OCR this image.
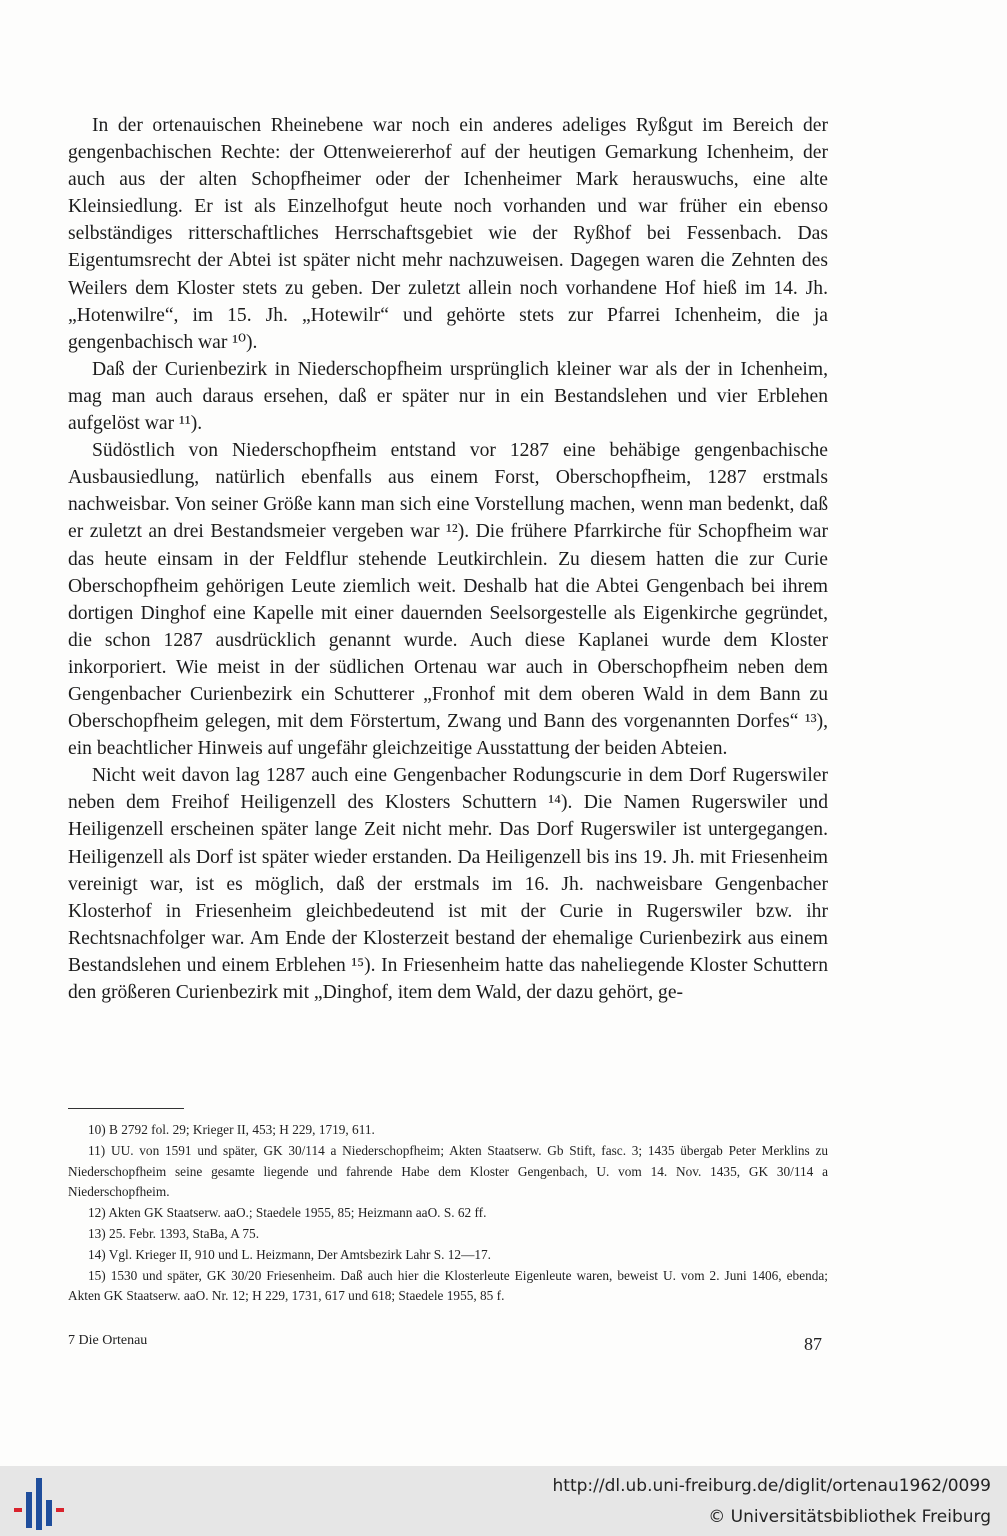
In der ortenauischen Rheinebene war noch ein anderes adeliges Ryßgut im Bereich der gengenbachischen Rechte: der Ottenweiererhof auf der heutigen Gemarkung Ichenheim, der auch aus der alten Schopfheimer oder der Ichenheimer Mark herauswuchs, eine alte Kleinsiedlung. Er ist als Einzelhofgut heute noch vorhanden und war früher ein ebenso selbständiges ritterschaftliches Herrschaftsgebiet wie der Ryßhof bei Fessenbach. Das Eigentumsrecht der Abtei ist später nicht mehr nachzuweisen. Dagegen waren die Zehnten des Weilers dem Kloster stets zu geben. Der zuletzt allein noch vorhandene Hof hieß im 14. Jh. „Hotenwilre“, im 15. Jh. „Hotewilr“ und gehörte stets zur Pfarrei Ichenheim, die ja gengenbachisch war ¹⁰).

Daß der Curienbezirk in Niederschopfheim ursprünglich kleiner war als der in Ichenheim, mag man auch daraus ersehen, daß er später nur in ein Bestandslehen und vier Erblehen aufgelöst war ¹¹).

Südöstlich von Niederschopfheim entstand vor 1287 eine behäbige gengenbachische Ausbausiedlung, natürlich ebenfalls aus einem Forst, Oberschopfheim, 1287 erstmals nachweisbar. Von seiner Größe kann man sich eine Vorstellung machen, wenn man bedenkt, daß er zuletzt an drei Bestandsmeier vergeben war ¹²). Die frühere Pfarrkirche für Schopfheim war das heute einsam in der Feldflur stehende Leutkirchlein. Zu diesem hatten die zur Curie Oberschopfheim gehörigen Leute ziemlich weit. Deshalb hat die Abtei Gengenbach bei ihrem dortigen Dinghof eine Kapelle mit einer dauernden Seelsorgestelle als Eigenkirche gegründet, die schon 1287 ausdrücklich genannt wurde. Auch diese Kaplanei wurde dem Kloster inkorporiert. Wie meist in der südlichen Ortenau war auch in Oberschopfheim neben dem Gengenbacher Curienbezirk ein Schutterer „Fronhof mit dem oberen Wald in dem Bann zu Oberschopfheim gelegen, mit dem Förstertum, Zwang und Bann des vorgenannten Dorfes“ ¹³), ein beachtlicher Hinweis auf ungefähr gleichzeitige Ausstattung der beiden Abteien.

Nicht weit davon lag 1287 auch eine Gengenbacher Rodungscurie in dem Dorf Rugerswiler neben dem Freihof Heiligenzell des Klosters Schuttern ¹⁴). Die Namen Rugerswiler und Heiligenzell erscheinen später lange Zeit nicht mehr. Das Dorf Rugerswiler ist untergegangen. Heiligenzell als Dorf ist später wieder erstanden. Da Heiligenzell bis ins 19. Jh. mit Friesenheim vereinigt war, ist es möglich, daß der erstmals im 16. Jh. nachweisbare Gengenbacher Klosterhof in Friesenheim gleichbedeutend ist mit der Curie in Rugerswiler bzw. ihr Rechtsnachfolger war. Am Ende der Klosterzeit bestand der ehemalige Curienbezirk aus einem Bestandslehen und einem Erblehen ¹⁵). In Friesenheim hatte das naheliegende Kloster Schuttern den größeren Curienbezirk mit „Dinghof, item dem Wald, der dazu gehört, ge-

10) B 2792 fol. 29; Krieger II, 453; H 229, 1719, 611.

11) UU. von 1591 und später, GK 30/114 a Niederschopfheim; Akten Staatserw. Gb Stift, fasc. 3; 1435 übergab Peter Merklins zu Niederschopfheim seine gesamte liegende und fahrende Habe dem Kloster Gengenbach, U. vom 14. Nov. 1435, GK 30/114 a Niederschopfheim.

12) Akten GK Staatserw. aaO.; Staedele 1955, 85; Heizmann aaO. S. 62 ff.

13) 25. Febr. 1393, StaBa, A 75.

14) Vgl. Krieger II, 910 und L. Heizmann, Der Amtsbezirk Lahr S. 12—17.

15) 1530 und später, GK 30/20 Friesenheim. Daß auch hier die Klosterleute Eigenleute waren, beweist U. vom 2. Juni 1406, ebenda; Akten GK Staatserw. aaO. Nr. 12; H 229, 1731, 617 und 618; Staedele 1955, 85 f.

7 Die Ortenau	87
http://dl.ub.uni-freiburg.de/diglit/ortenau1962/0099
© Universitätsbibliothek Freiburg
